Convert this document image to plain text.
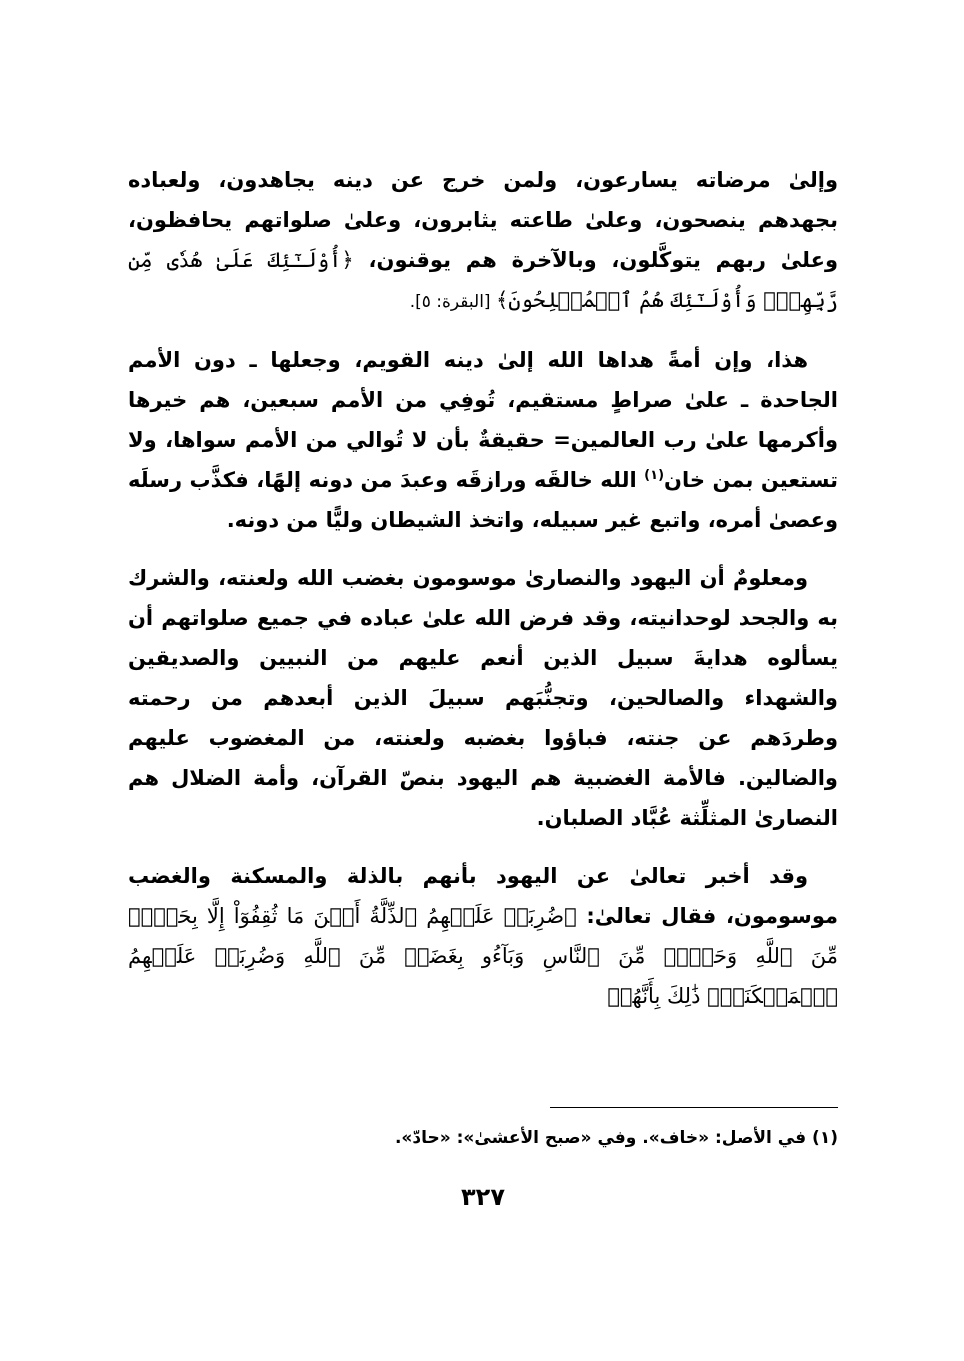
وإلىٰ مرضاته يسارعون، ولمن خرج عن دينه يجاهدون، ولعباده بجهدهم ينصحون، وعلىٰ طاعته يثابرون، وعلىٰ صلواتهم يحافظون، وعلىٰ ربهم يتوكَّلون، وبالآخرة هم يوقنون، ﴿أُوْلَـٰٓئِكَ عَلَىٰ هُدٗى مِّن رَّبِّهِمۡۖ وَأُوْلَـٰٓئِكَ هُمُ ٱلۡمُفۡلِحُونَ﴾ [البقرة: ٥].

هذا، وإن أمةً هداها الله إلىٰ دينه القويم، وجعلها ـ دون الأمم الجاحدة ـ علىٰ صراطٍ مستقيم، تُوفِي من الأمم سبعين، هم خيرها وأكرمها علىٰ رب العالمين= حقيقةٌ بأن لا تُوالي من الأمم سواها، ولا تستعين بمن خان$^{(١)}$ الله خالقَه ورازقَه وعبدَ من دونه إلهًا، فكذَّب رسلَه وعصىٰ أمره، واتبع غير سبيله، واتخذ الشيطان وليًّا من دونه.

ومعلومٌ أن اليهود والنصارىٰ موسومون بغضب الله ولعنته، والشرك به والجحد لوحدانيته، وقد فرض الله علىٰ عباده في جميع صلواتهم أن يسألوه هدايةَ سبيل الذين أنعم عليهم من النبيين والصديقين والشهداء والصالحين، وتجنُّبَهم سبيلَ الذين أبعدهم من رحمته وطردَهم عن جنته، فباؤوا بغضبه ولعنته، من المغضوب عليهم والضالين. فالأمة الغضبية هم اليهود بنصّ القرآن، وأمة الضلال هم النصارىٰ المثلِّثة عُبَّاد الصلبان.

وقد أخبر تعالىٰ عن اليهود بأنهم بالذلة والمسكنة والغضب موسومون، فقال تعالىٰ: ﴿ضُرِبَتۡ عَلَيۡهِمُ ٱلذِّلَّةُ أَيۡنَ مَا ثُقِفُوٓاْ إِلَّا بِحَبۡلٖ مِّنَ ٱللَّهِ وَحَبۡلٖ مِّنَ ٱلنَّاسِ وَبَآءُو بِغَضَبٖ مِّنَ ٱللَّهِ وَضُرِبَتۡ عَلَيۡهِمُ ٱلۡمَسۡكَنَةُۚ ذَٰلِكَ بِأَنَّهُمۡ

(١) في الأصل: «خاف». وفي «صبح الأعشىٰ»: «حادّ».
٣٢٧
